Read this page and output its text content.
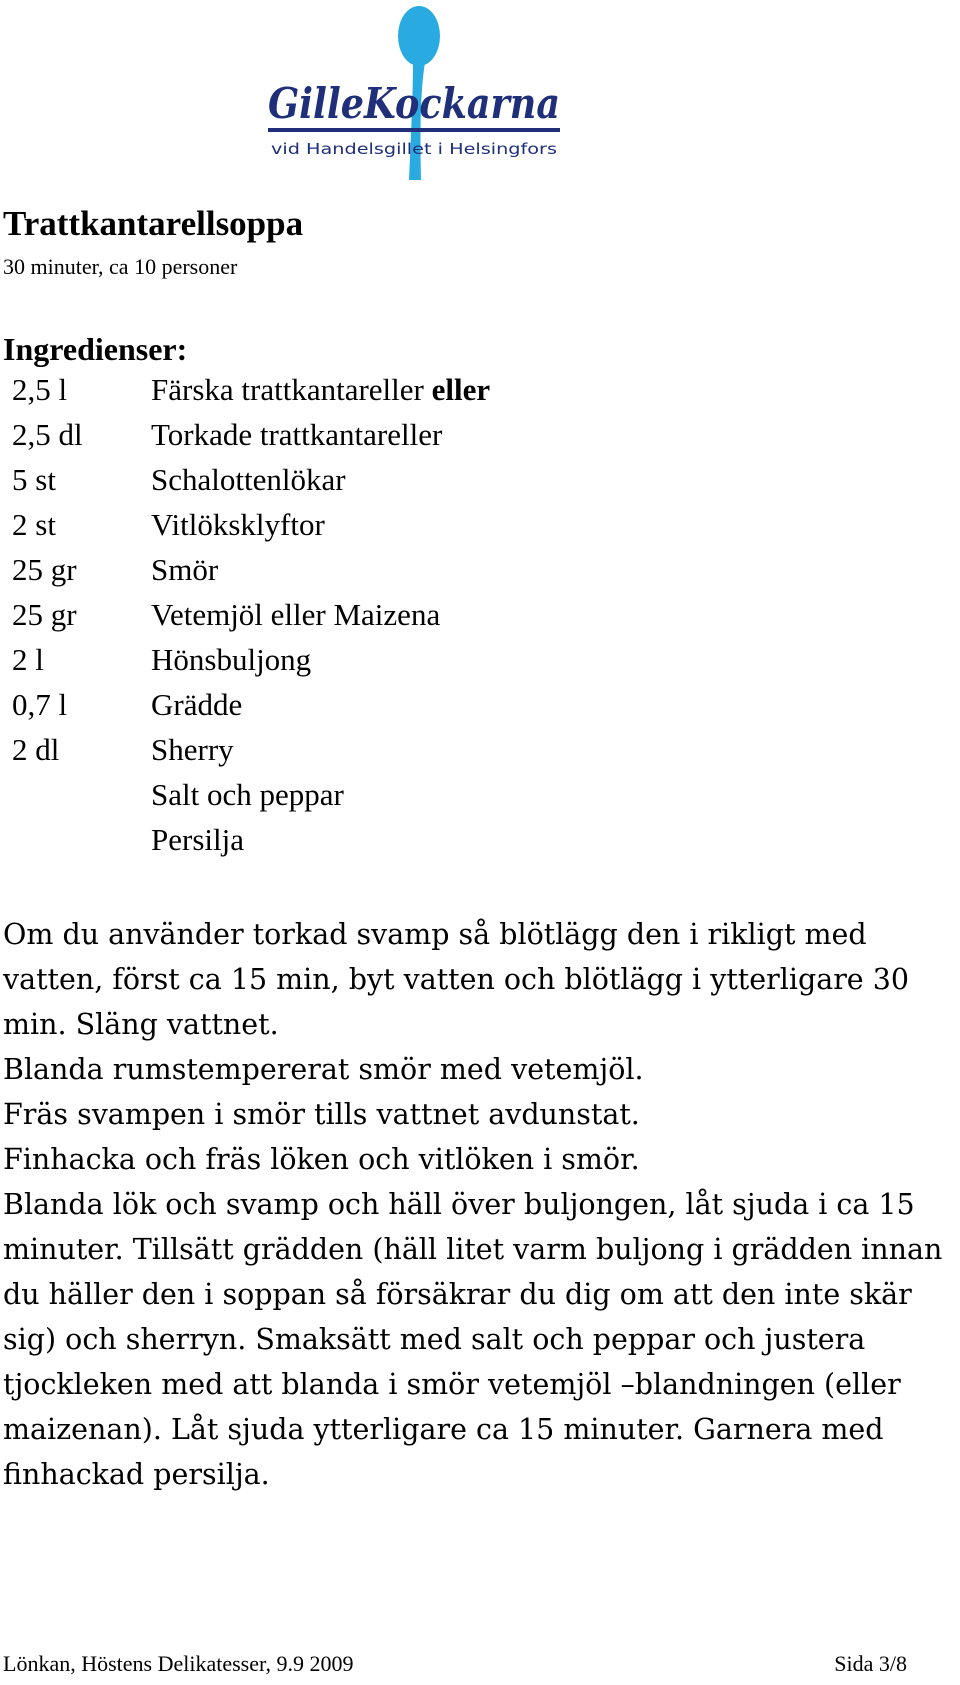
GilleKockarna
vid Handelsgillet i Helsingfors
Trattkantarellsoppa
30 minuter, ca 10 personer
Ingredienser:
2,5 l	Färska trattkantareller eller
2,5 dl Torkade trattkantareller
5 st	Schalottenlökar
2 st	Vitlöksklyftor
25 gr Smör
25 gr Vetemjöl eller Maizena
2 l	Hönsbuljong
0,7 l	Grädde
2 dl	Sherry
Salt och peppar
Persilja

Om du använder torkad svamp så blötlägg den i rikligt med vatten, först ca 15 min, byt vatten och blötlägg i ytterligare 30 min. Släng vattnet.

Blanda rumstempererat smör med vetemjöl.

Fräs svampen i smör tills vattnet avdunstat.

Finhacka och fräs löken och vitlöken i smör.

Blanda lök och svamp och häll över buljongen, låt sjuda i ca 15 minuter. Tillsätt grädden (häll litet varm buljong i grädden innan du häller den i soppan så försäkrar du dig om att den inte skär sig) och sherryn. Smaksätt med salt och peppar och justera tjockleken med att blanda i smör vetemjöl –blandningen (eller maizenan). Låt sjuda ytterligare ca 15 minuter. Garnera med finhackad persilja.

Lönkan, Höstens Delikatesser, 9.9 2009	Sida 3/8
